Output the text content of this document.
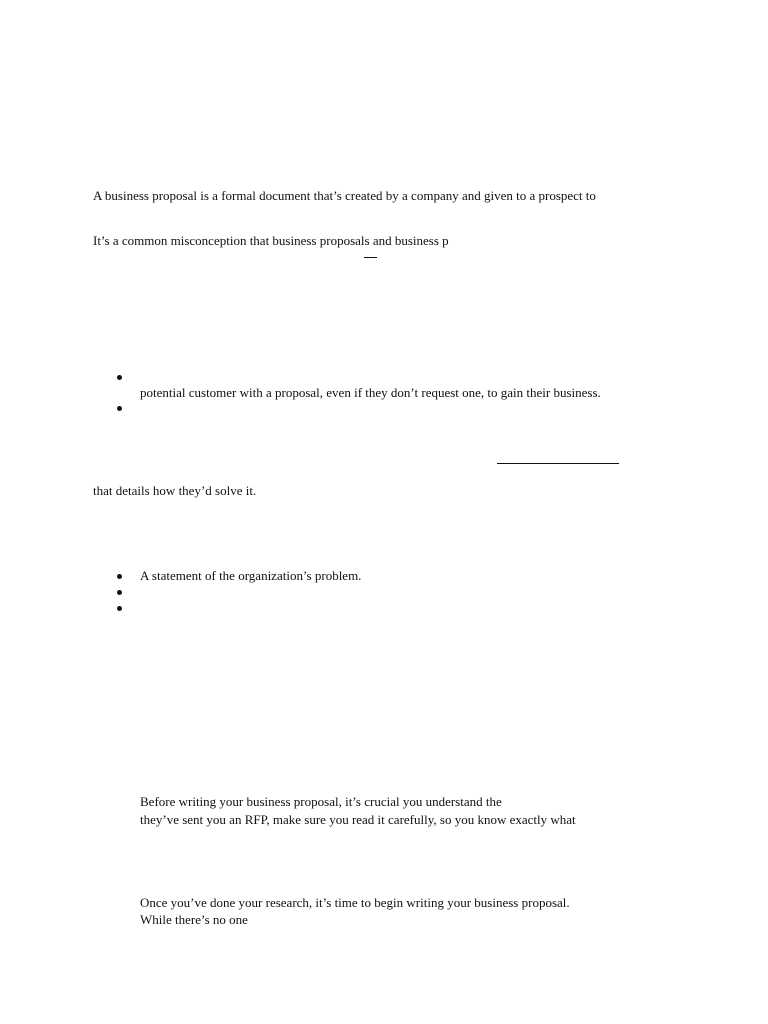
A business proposal is a formal document that’s created by a company and given to a prospect to
It’s a common misconception that business proposals and business p
potential customer with a proposal, even if they don’t request one, to gain their business.
that details how they’d solve it.
A statement of the organization’s problem.
Before writing your business proposal, it’s crucial you understand the
they’ve sent you an RFP, make sure you read it carefully, so you know exactly what
Once you’ve done your research, it’s time to begin writing your business proposal.
While there’s no one
